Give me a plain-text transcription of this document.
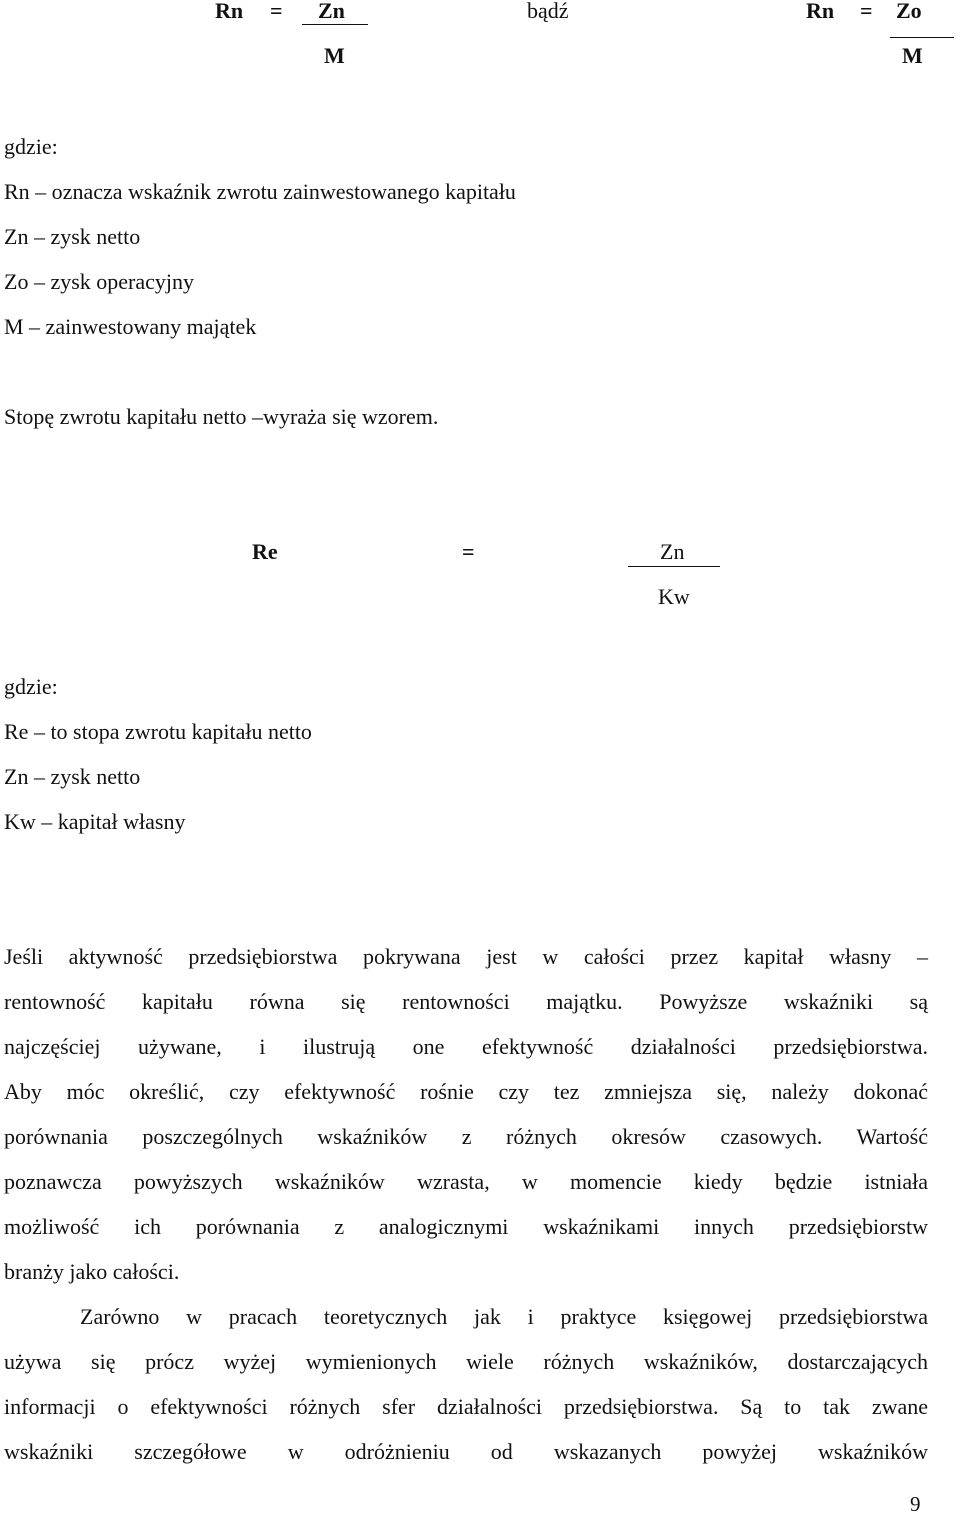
Rn = Zn
M
bądź	Rn = Zo
M
gdzie:
Rn – oznacza wskaźnik zwrotu zainwestowanego kapitału
Zn – zysk netto
Zo – zysk operacyjny
M – zainwestowany majątek
Stopę zwrotu kapitału netto –wyraża się wzorem.
Re	=	Zn
Kw
gdzie:
Re – to stopa zwrotu kapitału netto
Zn – zysk netto
Kw – kapitał własny
Jeśli aktywność przedsiębiorstwa pokrywana jest w całości przez kapitał własny –
rentowność kapitału równa się rentowności majątku. Powyższe wskaźniki są
najczęściej używane, i ilustrują one efektywność działalności przedsiębiorstwa.
Aby móc określić, czy efektywność rośnie czy tez zmniejsza się, należy dokonać
porównania poszczególnych wskaźników z różnych okresów czasowych. Wartość
poznawcza powyższych wskaźników wzrasta, w momencie kiedy będzie istniała
możliwość ich porównania z analogicznymi wskaźnikami innych przedsiębiorstw
branży jako całości.
Zarówno w pracach teoretycznych jak i praktyce księgowej przedsiębiorstwa
używa się prócz wyżej wymienionych wiele różnych wskaźników, dostarczających
informacji o efektywności różnych sfer działalności przedsiębiorstwa. Są to tak zwane
wskaźniki szczegółowe w odróżnieniu od wskazanych powyżej wskaźników
9
